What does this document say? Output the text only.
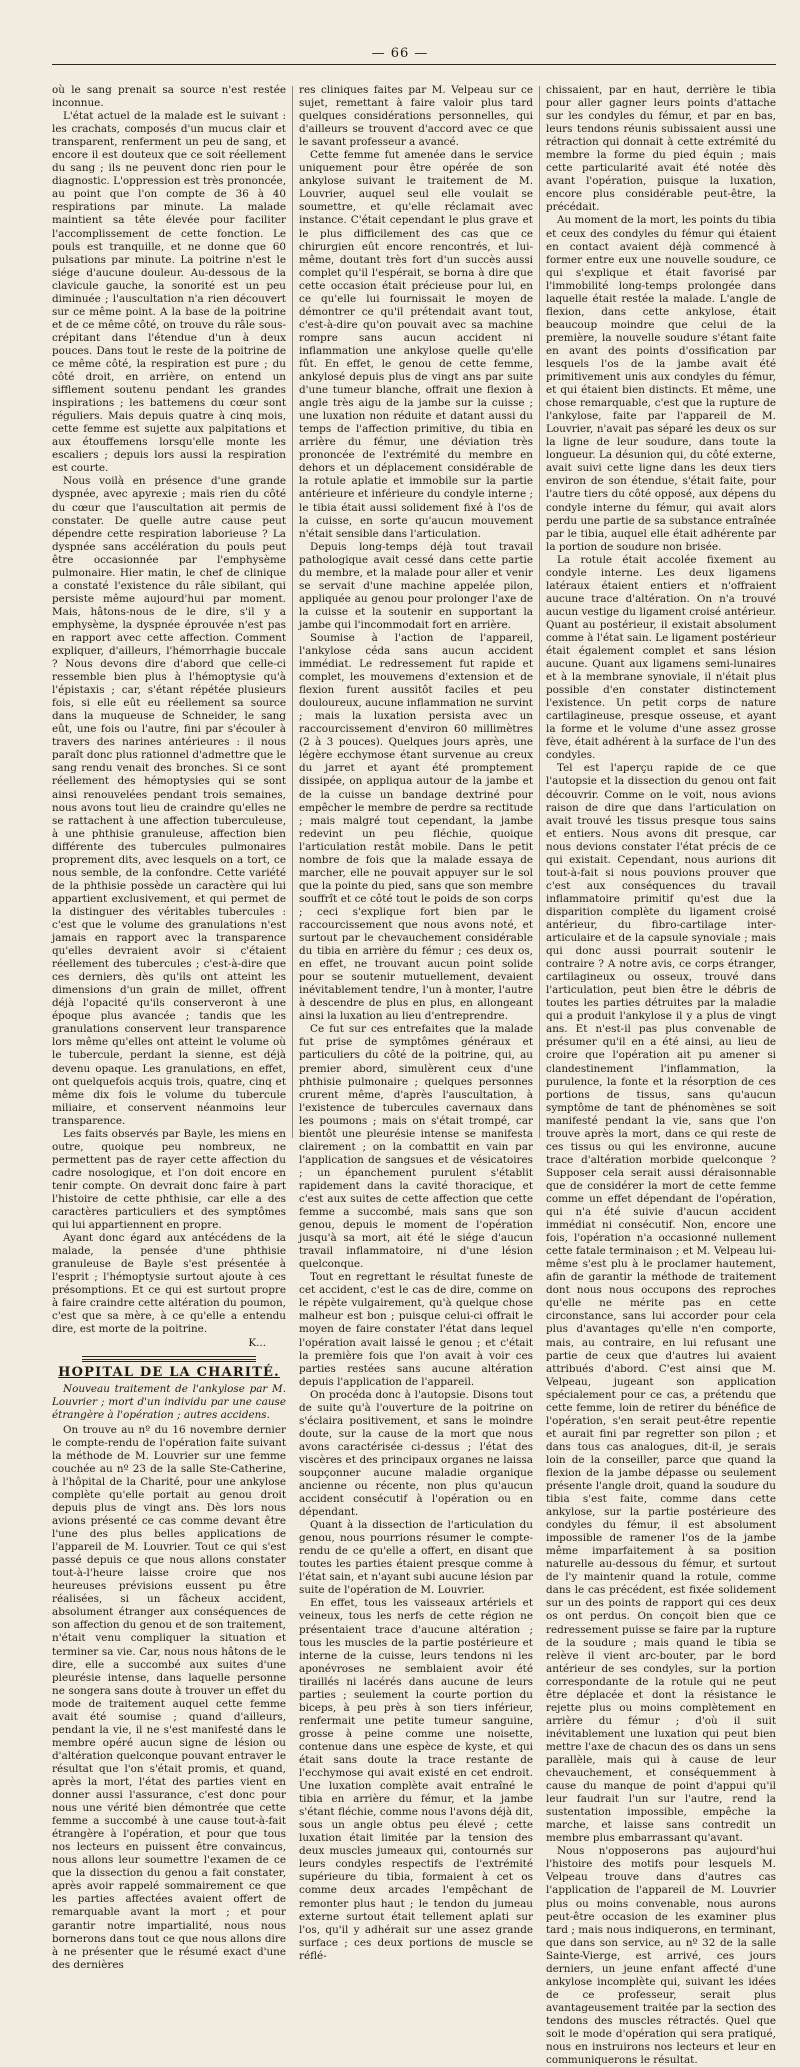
— 66 —

où le sang prenait sa source n'est restée inconnue.

L'état actuel de la malade est le suivant : les crachats, composés d'un mucus clair et transparent, renferment un peu de sang, et encore il est douteux que ce soit réellement du sang ; ils ne peuvent donc rien pour le diagnostic. L'oppression est très prononcée, au point que l'on compte de 36 à 40 respirations par minute. La malade maintient sa tête élevée pour faciliter l'accomplissement de cette fonction. Le pouls est tranquille, et ne donne que 60 pulsations par minute. La poitrine n'est le siége d'aucune douleur. Au-dessous de la clavicule gauche, la sonorité est un peu diminuée ; l'auscultation n'a rien découvert sur ce même point. A la base de la poitrine et de ce même côté, on trouve du râle sous-crépitant dans l'étendue d'un à deux pouces. Dans tout le reste de la poitrine de ce même côté, la respiration est pure ; du côté droit, en arrière, on entend un sifflement soutenu pendant les grandes inspirations ; les battemens du cœur sont réguliers. Mais depuis quatre à cinq mois, cette femme est sujette aux palpitations et aux étouffemens lorsqu'elle monte les escaliers ; depuis lors aussi la respiration est courte.

Nous voilà en présence d'une grande dyspnée, avec apyrexie ; mais rien du côté du cœur que l'auscultation ait permis de constater. De quelle autre cause peut dépendre cette respiration laborieuse ? La dyspnée sans accélération du pouls peut être occasionnée par l'emphysème pulmonaire. Hier matin, le chef de clinique a constaté l'existence du râle sibilant, qui persiste même aujourd'hui par moment. Mais, hâtons-nous de le dire, s'il y a emphysème, la dyspnée éprouvée n'est pas en rapport avec cette affection. Comment expliquer, d'ailleurs, l'hémorrhagie buccale ? Nous devons dire d'abord que celle-ci ressemble bien plus à l'hémoptysie qu'à l'épistaxis ; car, s'étant répétée plusieurs fois, si elle eût eu réellement sa source dans la muqueuse de Schneider, le sang eût, une fois ou l'autre, fini par s'écouler à travers des narines antérieures : il nous paraît donc plus rationnel d'admettre que le sang rendu venait des bronches. Si ce sont réellement des hémoptysies qui se sont ainsi renouvelées pendant trois semaines, nous avons tout lieu de craindre qu'elles ne se rattachent à une affection tuberculeuse, à une phthisie granuleuse, affection bien différente des tubercules pulmonaires proprement dits, avec lesquels on a tort, ce nous semble, de la confondre. Cette variété de la phthisie possède un caractère qui lui appartient exclusivement, et qui permet de la distinguer des véritables tubercules : c'est que le volume des granulations n'est jamais en rapport avec la transparence qu'elles devraient avoir si c'étaient réellement des tubercules ; c'est-à-dire que ces derniers, dès qu'ils ont atteint les dimensions d'un grain de millet, offrent déjà l'opacité qu'ils conserveront à une époque plus avancée ; tandis que les granulations conservent leur transparence lors même qu'elles ont atteint le volume où le tubercule, perdant la sienne, est déjà devenu opaque. Les granulations, en effet, ont quelquefois acquis trois, quatre, cinq et même dix fois le volume du tubercule miliaire, et conservent néanmoins leur transparence.

Les faits observés par Bayle, les miens en outre, quoique peu nombreux, ne permettent pas de rayer cette affection du cadre nosologique, et l'on doit encore en tenir compte. On devrait donc faire à part l'histoire de cette phthisie, car elle a des caractères particuliers et des symptômes qui lui appartiennent en propre.

Ayant donc égard aux antécédens de la malade, la pensée d'une phthisie granuleuse de Bayle s'est présentée à l'esprit ; l'hémoptysie surtout ajoute à ces présomptions. Et ce qui est surtout propre à faire craindre cette altération du poumon, c'est que sa mère, à ce qu'elle a entendu dire, est morte de la poitrine.

K...
HOPITAL DE LA CHARITÉ.
Nouveau traitement de l'ankylose par M. Louvrier ; mort d'un individu par une cause étrangère à l'opération ; autres accidens.

On trouve au nº du 16 novembre dernier le compte-rendu de l'opération faite suivant la méthode de M. Louvrier sur une femme couchée au nº 23 de la salle Ste-Catherine, à l'hôpital de la Charité, pour une ankylose complète qu'elle portait au genou droit depuis plus de vingt ans. Dès lors nous avions présenté ce cas comme devant être l'une des plus belles applications de l'appareil de M. Louvrier. Tout ce qui s'est passé depuis ce que nous allons constater tout-à-l'heure laisse croire que nos heureuses prévisions eussent pu être réalisées, si un fâcheux accident, absolument étranger aux conséquences de son affection du genou et de son traitement, n'était venu compliquer la situation et terminer sa vie. Car, nous nous hâtons de le dire, elle a succombé aux suites d'une pleurésie intense, dans laquelle personne ne songera sans doute à trouver un effet du mode de traitement auquel cette femme avait été soumise ; quand d'ailleurs, pendant la vie, il ne s'est manifesté dans le membre opéré aucun signe de lésion ou d'altération quelconque pouvant entraver le résultat que l'on s'était promis, et quand, après la mort, l'état des parties vient en donner aussi l'assurance, c'est donc pour nous une vérité bien démontrée que cette femme a succombé à une cause tout-à-fait étrangère à l'opération, et pour que tous nos lecteurs en puissent être convaincus, nous allons leur soumettre l'examen de ce que la dissection du genou a fait constater, après avoir rappelé sommairement ce que les parties affectées avaient offert de remarquable avant la mort ; et pour garantir notre impartialité, nous nous bornerons dans tout ce que nous allons dire à ne présenter que le résumé exact d'une des dernières

res cliniques faites par M. Velpeau sur ce sujet, remettant à faire valoir plus tard quelques considérations personnelles, qui d'ailleurs se trouvent d'accord avec ce que le savant professeur a avancé.

Cette femme fut amenée dans le service uniquement pour être opérée de son ankylose suivant le traitement de M. Louvrier, auquel seul elle voulait se soumettre, et qu'elle réclamait avec instance. C'était cependant le plus grave et le plus difficilement des cas que ce chirurgien eût encore rencontrés, et lui-même, doutant très fort d'un succès aussi complet qu'il l'espérait, se borna à dire que cette occasion était précieuse pour lui, en ce qu'elle lui fournissait le moyen de démontrer ce qu'il prétendait avant tout, c'est-à-dire qu'on pouvait avec sa machine rompre sans aucun accident ni inflammation une ankylose quelle qu'elle fût. En effet, le genou de cette femme, ankylosé depuis plus de vingt ans par suite d'une tumeur blanche, offrait une flexion à angle très aigu de la jambe sur la cuisse ; une luxation non réduite et datant aussi du temps de l'affection primitive, du tibia en arrière du fémur, une déviation très prononcée de l'extrémité du membre en dehors et un déplacement considérable de la rotule aplatie et immobile sur la partie antérieure et inférieure du condyle interne ; le tibia était aussi solidement fixé à l'os de la cuisse, en sorte qu'aucun mouvement n'était sensible dans l'articulation.

Depuis long-temps déjà tout travail pathologique avait cessé dans cette partie du membre, et la malade pour aller et venir se servait d'une machine appelée pilon, appliquée au genou pour prolonger l'axe de la cuisse et la soutenir en supportant la jambe qui l'incommodait fort en arrière.

Soumise à l'action de l'appareil, l'ankylose céda sans aucun accident immédiat. Le redressement fut rapide et complet, les mouvemens d'extension et de flexion furent aussitôt faciles et peu douloureux, aucune inflammation ne survint ; mais la luxation persista avec un raccourcissement d'environ 60 millimètres (2 à 3 pouces). Quelques jours après, une légère ecchymose étant survenue au creux du jarret et ayant été promptement dissipée, on appliqua autour de la jambe et de la cuisse un bandage dextriné pour empêcher le membre de perdre sa rectitude ; mais malgré tout cependant, la jambe redevint un peu fléchie, quoique l'articulation restât mobile. Dans le petit nombre de fois que la malade essaya de marcher, elle ne pouvait appuyer sur le sol que la pointe du pied, sans que son membre souffrît et ce côté tout le poids de son corps ; ceci s'explique fort bien par le raccourcissement que nous avons noté, et surtout par le chevauchement considérable du tibia en arrière du fémur ; ces deux os, en effet, ne trouvant aucun point solide pour se soutenir mutuellement, devaient inévitablement tendre, l'un à monter, l'autre à descendre de plus en plus, en allongeant ainsi la luxation au lieu d'entreprendre.

Ce fut sur ces entrefaites que la malade fut prise de symptômes généraux et particuliers du côté de la poitrine, qui, au premier abord, simulèrent ceux d'une phthisie pulmonaire ; quelques personnes crurent même, d'après l'auscultation, à l'existence de tubercules cavernaux dans les poumons ; mais on s'était trompé, car bientôt une pleurésie intense se manifesta clairement ; on la combattit en vain par l'application de sangsues et de vésicatoires ; un épanchement purulent s'établit rapidement dans la cavité thoracique, et c'est aux suites de cette affection que cette femme a succombé, mais sans que son genou, depuis le moment de l'opération jusqu'à sa mort, ait été le siége d'aucun travail inflammatoire, ni d'une lésion quelconque.

Tout en regrettant le résultat funeste de cet accident, c'est le cas de dire, comme on le répète vulgairement, qu'à quelque chose malheur est bon ; puisque celui-ci offrait le moyen de faire constater l'état dans lequel l'opération avait laissé le genou ; et c'était la première fois que l'on avait à voir ces parties restées sans aucune altération depuis l'application de l'appareil.

On procéda donc à l'autopsie. Disons tout de suite qu'à l'ouverture de la poitrine on s'éclaira positivement, et sans le moindre doute, sur la cause de la mort que nous avons caractérisée ci-dessus ; l'état des viscères et des principaux organes ne laissa soupçonner aucune maladie organique ancienne ou récente, non plus qu'aucun accident consécutif à l'opération ou en dépendant.

Quant à la dissection de l'articulation du genou, nous pourrions résumer le compte-rendu de ce qu'elle a offert, en disant que toutes les parties étaient presque comme à l'état sain, et n'ayant subi aucune lésion par suite de l'opération de M. Louvrier.

En effet, tous les vaisseaux artériels et veineux, tous les nerfs de cette région ne présentaient trace d'aucune altération ; tous les muscles de la partie postérieure et interne de la cuisse, leurs tendons ni les aponévroses ne semblaient avoir été tiraillés ni lacérés dans aucune de leurs parties ; seulement la courte portion du biceps, à peu près à son tiers inférieur, renfermait une petite tumeur sanguine, grosse à peine comme une noisette, contenue dans une espèce de kyste, et qui était sans doute la trace restante de l'ecchymose qui avait existé en cet endroit. Une luxation complète avait entraîné le tibia en arrière du fémur, et la jambe s'étant fléchie, comme nous l'avons déjà dit, sous un angle obtus peu élevé ; cette luxation était limitée par la tension des deux muscles jumeaux qui, contournés sur leurs condyles respectifs de l'extrémité supérieure du tibia, formaient à cet os comme deux arcades l'empêchant de remonter plus haut ; le tendon du jumeau externe surtout était tellement aplati sur l'os, qu'il y adhérait sur une assez grande surface ; ces deux portions de muscle se réflé-

chissaient, par en haut, derrière le tibia pour aller gagner leurs points d'attache sur les condyles du fémur, et par en bas, leurs tendons réunis subissaient aussi une rétraction qui donnait à cette extrémité du membre la forme du pied équin ; mais cette particularité avait été notée dès avant l'opération, puisque la luxation, encore plus considérable peut-être, la précédait.

Au moment de la mort, les points du tibia et ceux des condyles du fémur qui étaient en contact avaient déjà commencé à former entre eux une nouvelle soudure, ce qui s'explique et était favorisé par l'immobilité long-temps prolongée dans laquelle était restée la malade. L'angle de flexion, dans cette ankylose, était beaucoup moindre que celui de la première, la nouvelle soudure s'étant faite en avant des points d'ossification par lesquels l'os de la jambe avait été primitivement unis aux condyles du fémur, et qui étaient bien distincts. Et même, une chose remarquable, c'est que la rupture de l'ankylose, faite par l'appareil de M. Louvrier, n'avait pas séparé les deux os sur la ligne de leur soudure, dans toute la longueur. La désunion qui, du côté externe, avait suivi cette ligne dans les deux tiers environ de son étendue, s'était faite, pour l'autre tiers du côté opposé, aux dépens du condyle interne du fémur, qui avait alors perdu une partie de sa substance entraînée par le tibia, auquel elle était adhérente par la portion de soudure non brisée.

La rotule était accolée fixement au condyle interne. Les deux ligamens latéraux étaient entiers et n'offraient aucune trace d'altération. On n'a trouvé aucun vestige du ligament croisé antérieur. Quant au postérieur, il existait absolument comme à l'état sain. Le ligament postérieur était également complet et sans lésion aucune. Quant aux ligamens semi-lunaires et à la membrane synoviale, il n'était plus possible d'en constater distinctement l'existence. Un petit corps de nature cartilagineuse, presque osseuse, et ayant la forme et le volume d'une assez grosse fève, était adhérent à la surface de l'un des condyles.

Tel est l'aperçu rapide de ce que l'autopsie et la dissection du genou ont fait découvrir. Comme on le voit, nous avions raison de dire que dans l'articulation on avait trouvé les tissus presque tous sains et entiers. Nous avons dit presque, car nous devions constater l'état précis de ce qui existait. Cependant, nous aurions dit tout-à-fait si nous pouvions prouver que c'est aux conséquences du travail inflammatoire primitif qu'est due la disparition complète du ligament croisé antérieur, du fibro-cartilage inter-articulaire et de la capsule synoviale ; mais qui donc aussi pourrait soutenir le contraire ? A notre avis, ce corps étranger, cartilagineux ou osseux, trouvé dans l'articulation, peut bien être le débris de toutes les parties détruites par la maladie qui a produit l'ankylose il y a plus de vingt ans. Et n'est-il pas plus convenable de présumer qu'il en a été ainsi, au lieu de croire que l'opération ait pu amener si clandestinement l'inflammation, la purulence, la fonte et la résorption de ces portions de tissus, sans qu'aucun symptôme de tant de phénomènes se soit manifesté pendant la vie, sans que l'on trouve après la mort, dans ce qui reste de ces tissus ou qui les environne, aucune trace d'altération morbide quelconque ? Supposer cela serait aussi déraisonnable que de considérer la mort de cette femme comme un effet dépendant de l'opération, qui n'a été suivie d'aucun accident immédiat ni consécutif. Non, encore une fois, l'opération n'a occasionné nullement cette fatale terminaison ; et M. Velpeau lui-même s'est plu à le proclamer hautement, afin de garantir la méthode de traitement dont nous nous occupons des reproches qu'elle ne mérite pas en cette circonstance, sans lui accorder pour cela plus d'avantages qu'elle n'en comporte, mais, au contraire, en lui refusant une partie de ceux que d'autres lui avaient attribués d'abord. C'est ainsi que M. Velpeau, jugeant son application spécialement pour ce cas, a prétendu que cette femme, loin de retirer du bénéfice de l'opération, s'en serait peut-être repentie et aurait fini par regretter son pilon ; et dans tous cas analogues, dit-il, je serais loin de la conseiller, parce que quand la flexion de la jambe dépasse ou seulement présente l'angle droit, quand la soudure du tibia s'est faite, comme dans cette ankylose, sur la partie postérieure des condyles du fémur, il est absolument impossible de ramener l'os de la jambe même imparfaitement à sa position naturelle au-dessous du fémur, et surtout de l'y maintenir quand la rotule, comme dans le cas précédent, est fixée solidement sur un des points de rapport qui ces deux os ont perdus. On conçoit bien que ce redressement puisse se faire par la rupture de la soudure ; mais quand le tibia se relève il vient arc-bouter, par le bord antérieur de ses condyles, sur la portion correspondante de la rotule qui ne peut être déplacée et dont la résistance le rejette plus ou moins complètement en arrière du fémur ; d'où il suit inévitablement une luxation qui peut bien mettre l'axe de chacun des os dans un sens parallèle, mais qui à cause de leur chevauchement, et conséquemment à cause du manque de point d'appui qu'il leur faudrait l'un sur l'autre, rend la sustentation impossible, empêche la marche, et laisse sans contredit un membre plus embarrassant qu'avant.

Nous n'opposerons pas aujourd'hui l'histoire des motifs pour lesquels M. Velpeau trouve dans d'autres cas l'application de l'appareil de M. Louvrier plus ou moins convenable, nous aurons peut-être occasion de les examiner plus tard ; mais nous indiquerons, en terminant, que dans son service, au nº 32 de la salle Sainte-Vierge, est arrivé, ces jours derniers, un jeune enfant affecté d'une ankylose incomplète qui, suivant les idées de ce professeur, serait plus avantageusement traitée par la section des tendons des muscles rétractés. Quel que soit le mode d'opération qui sera pratiqué, nous en instruirons nos lecteurs et leur en communiquerons le résultat.
